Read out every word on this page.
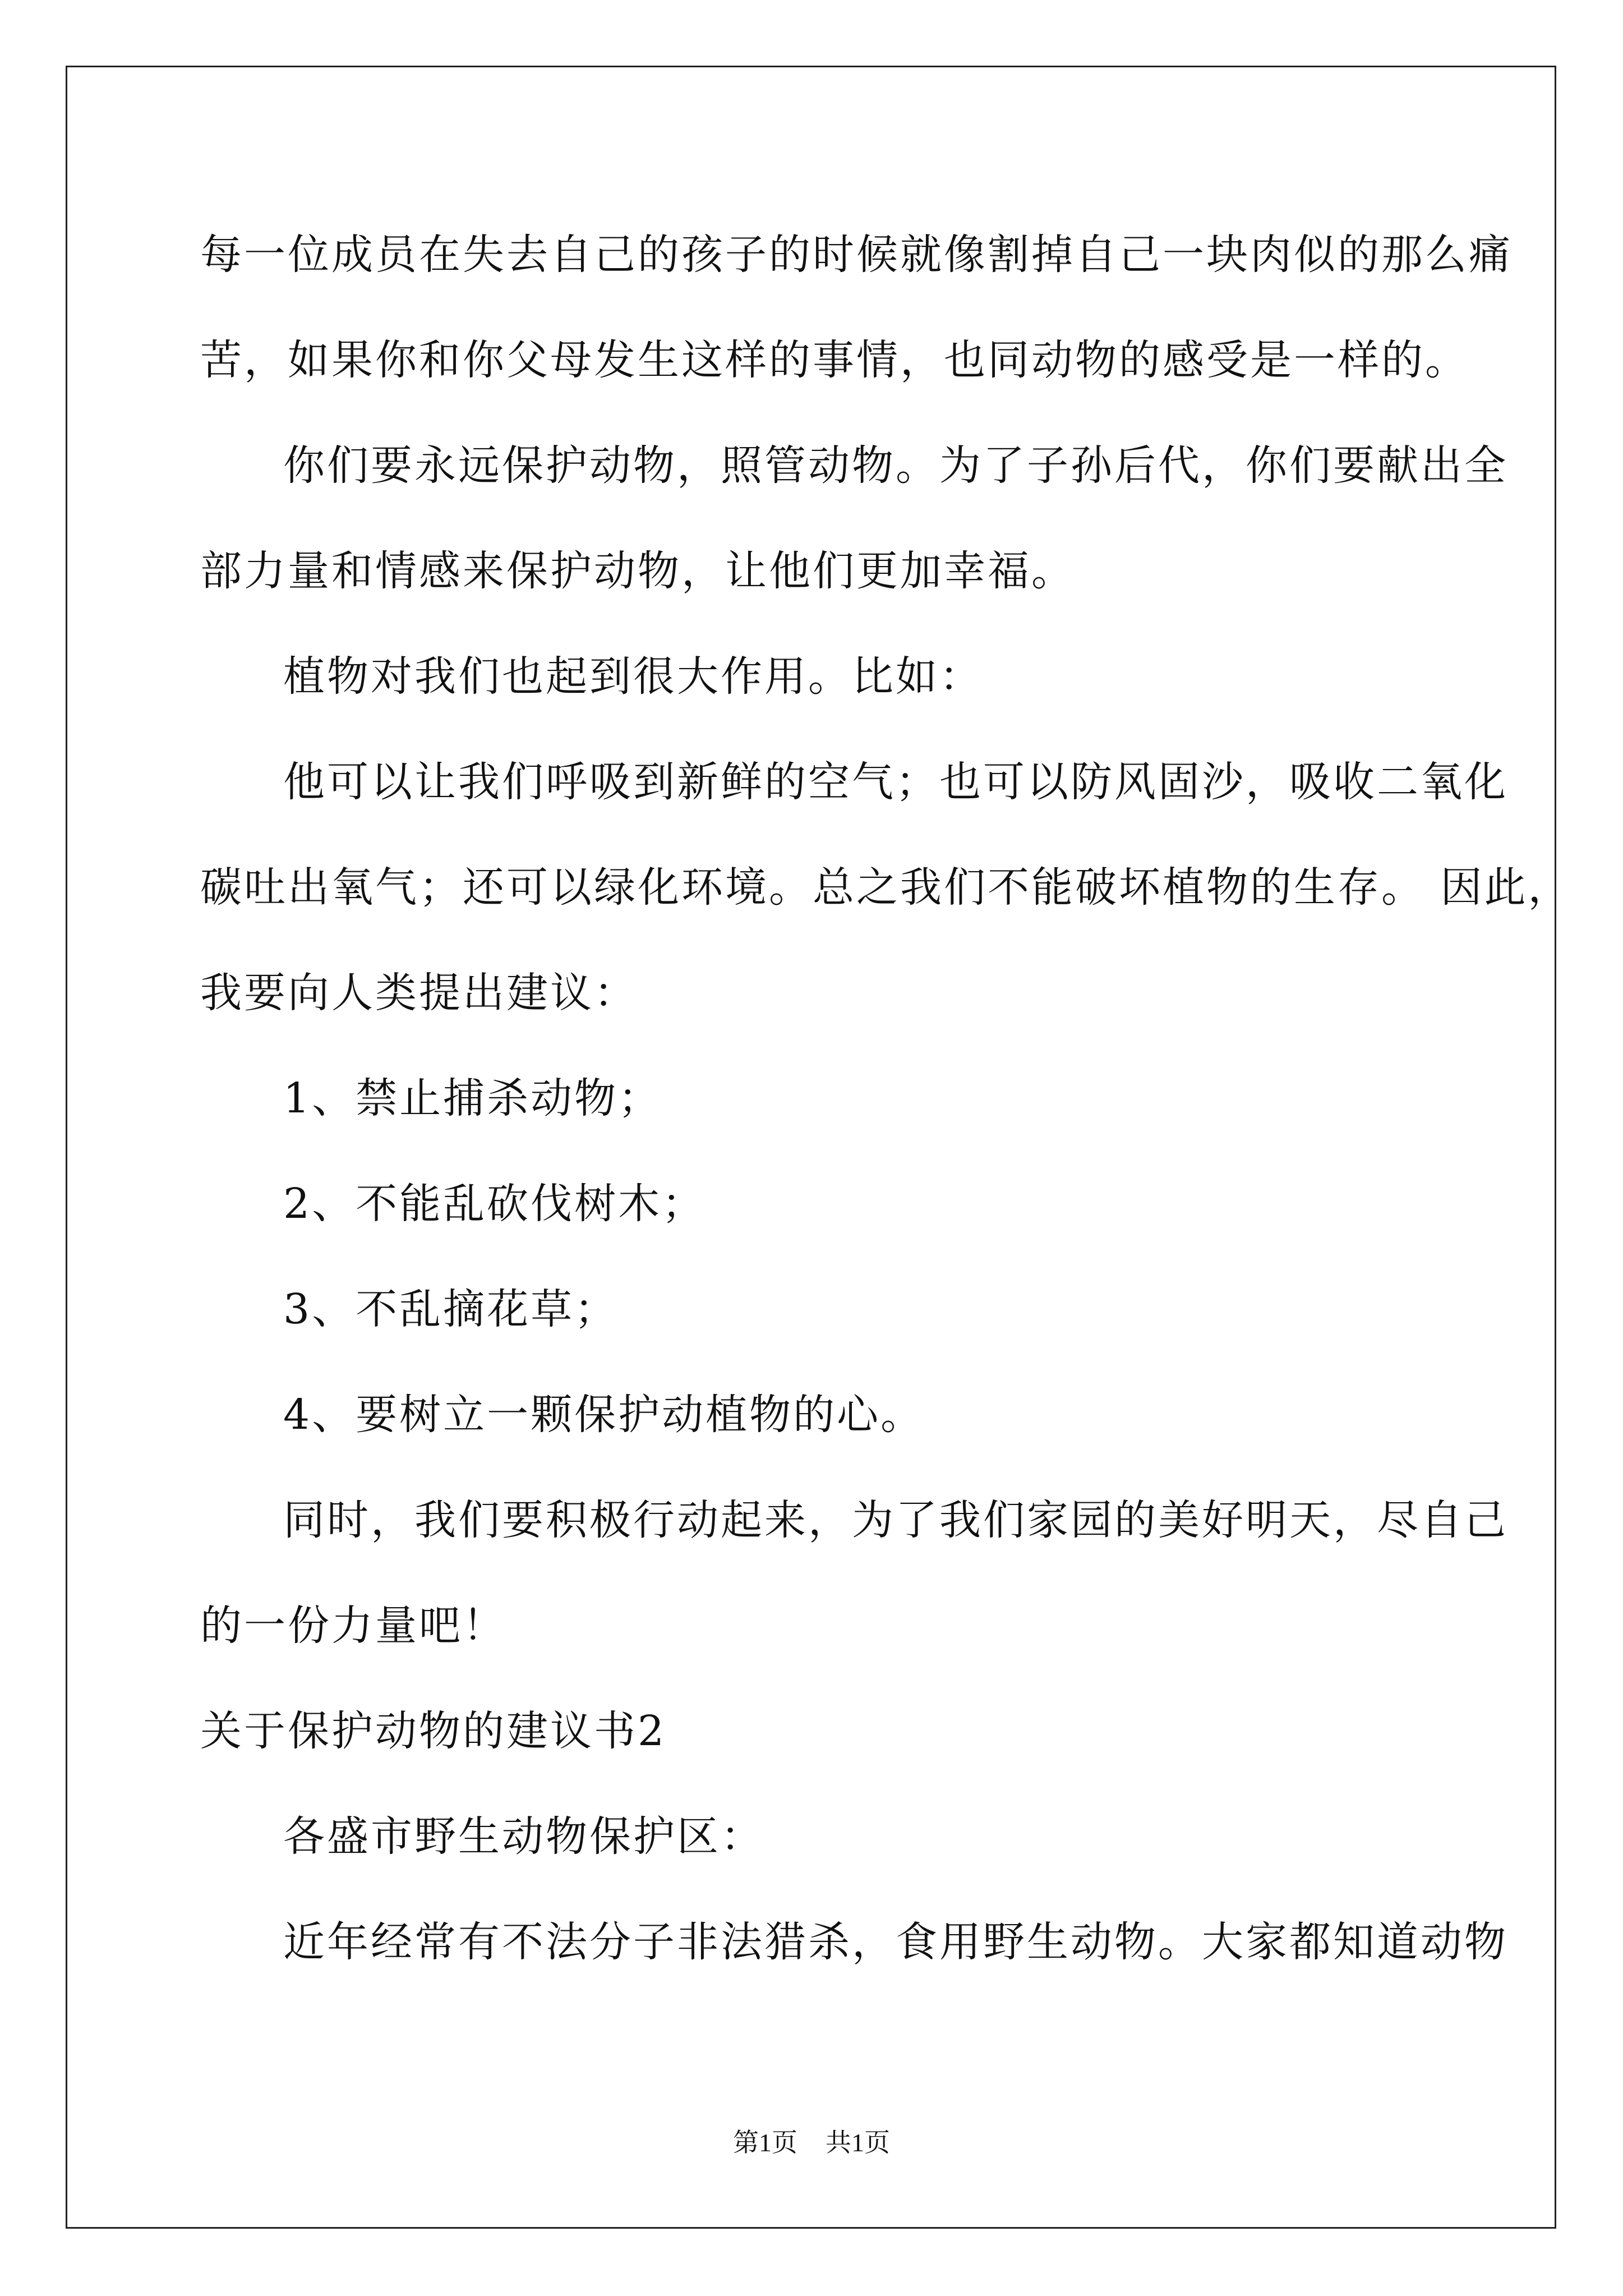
每一位成员在失去自己的孩子的时候就像割掉自己一块肉似的那么痛
苦，如果你和你父母发生这样的事情，也同动物的感受是一样的。
你们要永远保护动物，照管动物。为了子孙后代，你们要献出全
部力量和情感来保护动物，让他们更加幸福。
植物对我们也起到很大作用。比如：
他可以让我们呼吸到新鲜的空气；也可以防风固沙，吸收二氧化
碳吐出氧气；还可以绿化环境。总之我们不能破坏植物的生存。 因此，
我要向人类提出建议：
1、禁止捕杀动物；
2、不能乱砍伐树木；
3、不乱摘花草；
4、要树立一颗保护动植物的心。
同时，我们要积极行动起来，为了我们家园的美好明天，尽自己
的一份力量吧！
关于保护动物的建议书2
各盛市野生动物保护区：
近年经常有不法分子非法猎杀，食用野生动物。大家都知道动物
第1页 共1页
